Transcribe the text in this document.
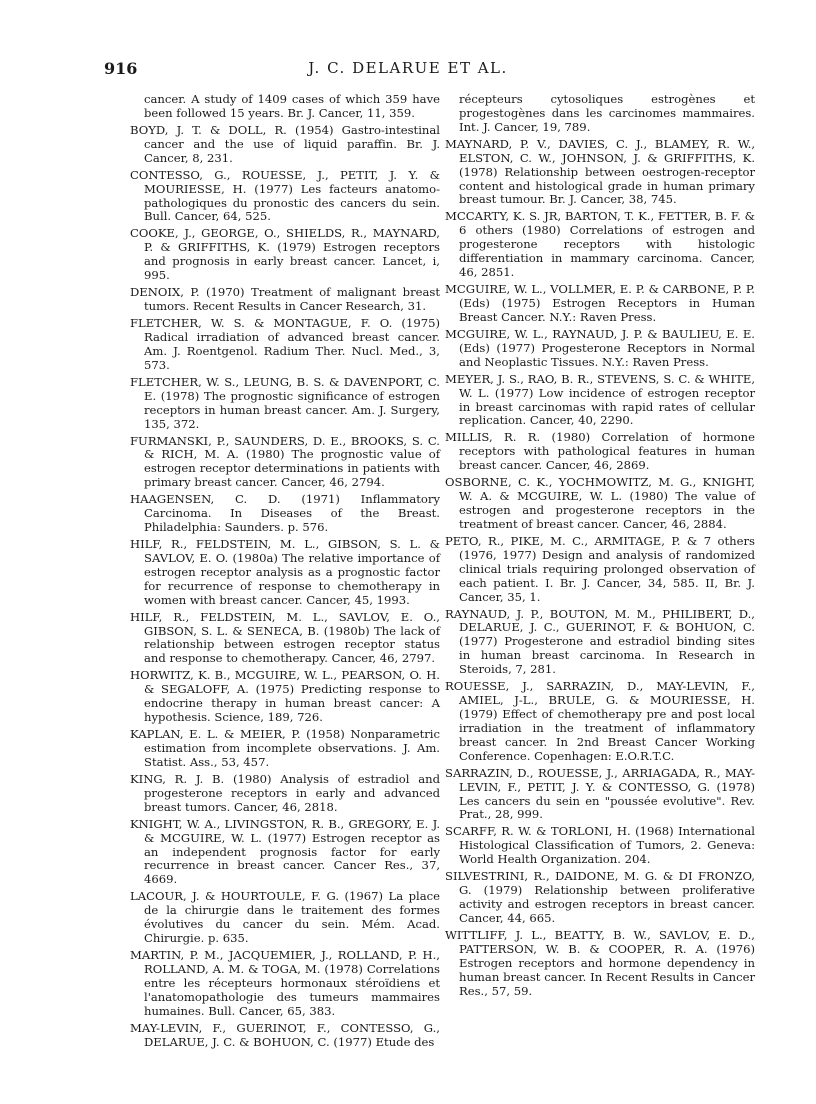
916	J. C. DELARUE ET AL.

cancer. A study of 1409 cases of which 359 have been followed 15 years. Br. J. Cancer, 11, 359.

BOYD, J. T. & DOLL, R. (1954) Gastro-intestinal cancer and the use of liquid paraffin. Br. J. Cancer, 8, 231.

CONTESSO, G., ROUESSE, J., PETIT, J. Y. & MOURIESSE, H. (1977) Les facteurs anatomo-pathologiques du pronostic des cancers du sein. Bull. Cancer, 64, 525.

COOKE, J., GEORGE, O., SHIELDS, R., MAYNARD, P. & GRIFFITHS, K. (1979) Estrogen receptors and prognosis in early breast cancer. Lancet, i, 995.

DENOIX, P. (1970) Treatment of malignant breast tumors. Recent Results in Cancer Research, 31.

FLETCHER, W. S. & MONTAGUE, F. O. (1975) Radical irradiation of advanced breast cancer. Am. J. Roentgenol. Radium Ther. Nucl. Med., 3, 573.

FLETCHER, W. S., LEUNG, B. S. & DAVENPORT, C. E. (1978) The prognostic significance of estrogen receptors in human breast cancer. Am. J. Surgery, 135, 372.

FURMANSKI, P., SAUNDERS, D. E., BROOKS, S. C. & RICH, M. A. (1980) The prognostic value of estrogen receptor determinations in patients with primary breast cancer. Cancer, 46, 2794.

HAAGENSEN, C. D. (1971) Inflammatory Carcinoma. In Diseases of the Breast. Philadelphia: Saunders. p. 576.

HILF, R., FELDSTEIN, M. L., GIBSON, S. L. & SAVLOV, E. O. (1980a) The relative importance of estrogen receptor analysis as a prognostic factor for recurrence of response to chemotherapy in women with breast cancer. Cancer, 45, 1993.

HILF, R., FELDSTEIN, M. L., SAVLOV, E. O., GIBSON, S. L. & SENECA, B. (1980b) The lack of relationship between estrogen receptor status and response to chemotherapy. Cancer, 46, 2797.

HORWITZ, K. B., MCGUIRE, W. L., PEARSON, O. H. & SEGALOFF, A. (1975) Predicting response to endocrine therapy in human breast cancer: A hypothesis. Science, 189, 726.

KAPLAN, E. L. & MEIER, P. (1958) Nonparametric estimation from incomplete observations. J. Am. Statist. Ass., 53, 457.

KING, R. J. B. (1980) Analysis of estradiol and progesterone receptors in early and advanced breast tumors. Cancer, 46, 2818.

KNIGHT, W. A., LIVINGSTON, R. B., GREGORY, E. J. & MCGUIRE, W. L. (1977) Estrogen receptor as an independent prognosis factor for early recurrence in breast cancer. Cancer Res., 37, 4669.

LACOUR, J. & HOURTOULE, F. G. (1967) La place de la chirurgie dans le traitement des formes évolutives du cancer du sein. Mém. Acad. Chirurgie. p. 635.

MARTIN, P. M., JACQUEMIER, J., ROLLAND, P. H., ROLLAND, A. M. & TOGA, M. (1978) Correlations entre les récepteurs hormonaux stéroïdiens et l'anatomopathologie des tumeurs mammaires humaines. Bull. Cancer, 65, 383.

MAY-LEVIN, F., GUERINOT, F., CONTESSO, G., DELARUE, J. C. & BOHUON, C. (1977) Etude des

récepteurs cytosoliques estrogènes et progestogènes dans les carcinomes mammaires. Int. J. Cancer, 19, 789.

MAYNARD, P. V., DAVIES, C. J., BLAMEY, R. W., ELSTON, C. W., JOHNSON, J. & GRIFFITHS, K. (1978) Relationship between oestrogen-receptor content and histological grade in human primary breast tumour. Br. J. Cancer, 38, 745.

MCCARTY, K. S. JR, BARTON, T. K., FETTER, B. F. & 6 others (1980) Correlations of estrogen and progesterone receptors with histologic differentiation in mammary carcinoma. Cancer, 46, 2851.

MCGUIRE, W. L., VOLLMER, E. P. & CARBONE, P. P. (Eds) (1975) Estrogen Receptors in Human Breast Cancer. N.Y.: Raven Press.

MCGUIRE, W. L., RAYNAUD, J. P. & BAULIEU, E. E. (Eds) (1977) Progesterone Receptors in Normal and Neoplastic Tissues. N.Y.: Raven Press.

MEYER, J. S., RAO, B. R., STEVENS, S. C. & WHITE, W. L. (1977) Low incidence of estrogen receptor in breast carcinomas with rapid rates of cellular replication. Cancer, 40, 2290.

MILLIS, R. R. (1980) Correlation of hormone receptors with pathological features in human breast cancer. Cancer, 46, 2869.

OSBORNE, C. K., YOCHMOWITZ, M. G., KNIGHT, W. A. & MCGUIRE, W. L. (1980) The value of estrogen and progesterone receptors in the treatment of breast cancer. Cancer, 46, 2884.

PETO, R., PIKE, M. C., ARMITAGE, P. & 7 others (1976, 1977) Design and analysis of randomized clinical trials requiring prolonged observation of each patient. I. Br. J. Cancer, 34, 585. II, Br. J. Cancer, 35, 1.

RAYNAUD, J. P., BOUTON, M. M., PHILIBERT, D., DELARUE, J. C., GUERINOT, F. & BOHUON, C. (1977) Progesterone and estradiol binding sites in human breast carcinoma. In Research in Steroids, 7, 281.

ROUESSE, J., SARRAZIN, D., MAY-LEVIN, F., AMIEL, J-L., BRULE, G. & MOURIESSE, H. (1979) Effect of chemotherapy pre and post local irradiation in the treatment of inflammatory breast cancer. In 2nd Breast Cancer Working Conference. Copenhagen: E.O.R.T.C.

SARRAZIN, D., ROUESSE, J., ARRIAGADA, R., MAY-LEVIN, F., PETIT, J. Y. & CONTESSO, G. (1978) Les cancers du sein en "poussée evolutive". Rev. Prat., 28, 999.

SCARFF, R. W. & TORLONI, H. (1968) International Histological Classification of Tumors, 2. Geneva: World Health Organization. 204.

SILVESTRINI, R., DAIDONE, M. G. & DI FRONZO, G. (1979) Relationship between proliferative activity and estrogen receptors in breast cancer. Cancer, 44, 665.

WITTLIFF, J. L., BEATTY, B. W., SAVLOV, E. D., PATTERSON, W. B. & COOPER, R. A. (1976) Estrogen receptors and hormone dependency in human breast cancer. In Recent Results in Cancer Res., 57, 59.
